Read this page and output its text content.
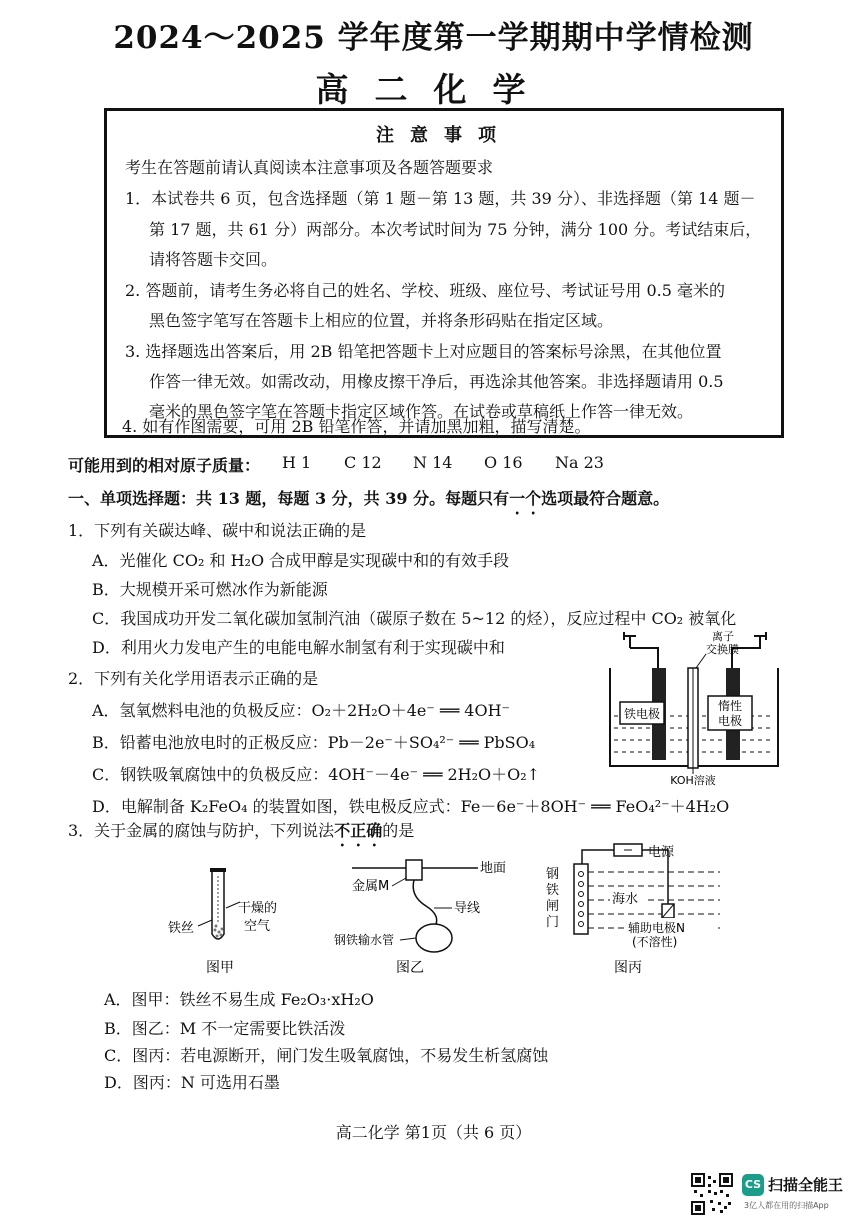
2024～2025 学年度第一学期期中学情检测
高二化学
注意事项
考生在答题前请认真阅读本注意事项及各题答题要求
1．本试卷共 6 页，包含选择题（第 1 题－第 13 题，共 39 分）、非选择题（第 14 题－
第 17 题，共 61 分）两部分。本次考试时间为 75 分钟，满分 100 分。考试结束后，
请将答题卡交回。
2. 答题前，请考生务必将自己的姓名、学校、班级、座位号、考试证号用 0.5 毫米的
黑色签字笔写在答题卡上相应的位置，并将条形码贴在指定区域。
3. 选择题选出答案后，用 2B 铅笔把答题卡上对应题目的答案标号涂黑，在其他位置
作答一律无效。如需改动，用橡皮擦干净后，再选涂其他答案。非选择题请用 0.5
毫米的黑色签字笔在答题卡指定区域作答。在试卷或草稿纸上作答一律无效。
4. 如有作图需要，可用 2B 铅笔作答，并请加黑加粗，描写清楚。
可能用到的相对原子质量： H 1 C 12 N 14 O 16 Na 23
一、单项选择题：共 13 题，每题 3 分，共 39 分。每题只有一个选项最符合题意。
1．下列有关碳达峰、碳中和说法正确的是
A．光催化 CO₂ 和 H₂O 合成甲醇是实现碳中和的有效手段
B．大规模开采可燃冰作为新能源
C．我国成功开发二氧化碳加氢制汽油（碳原子数在 5~12 的烃），反应过程中 CO₂ 被氧化
D．利用火力发电产生的电能电解水制氢有利于实现碳中和
2．下列有关化学用语表示正确的是
A．氢氧燃料电池的负极反应：O₂＋2H₂O＋4e⁻ ══ 4OH⁻
B．铅蓄电池放电时的正极反应：Pb－2e⁻＋SO₄²⁻ ══ PbSO₄
C．钢铁吸氧腐蚀中的负极反应：4OH⁻－4e⁻ ══ 2H₂O＋O₂↑
D．电解制备 K₂FeO₄ 的装置如图，铁电极反应式：Fe－6e⁻＋8OH⁻ ══ FeO₄²⁻＋4H₂O
铁电极
惰性
电极
离子
交换膜
KOH溶液
3．关于金属的腐蚀与防护，下列说法不正确的是
干燥的
空气
铁丝
图甲
地面
金属M
导线
钢铁输水管
图乙
电源
钢
铁
闸
门
海水
辅助电极N
(不溶性)
图丙
A．图甲：铁丝不易生成 Fe₂O₃·xH₂O
B．图乙：M 不一定需要比铁活泼
C．图丙：若电源断开，闸门发生吸氧腐蚀，不易发生析氢腐蚀
D．图丙：N 可选用石墨
高二化学 第1页（共 6 页）
CS 扫描全能王
3亿人都在用的扫描App
